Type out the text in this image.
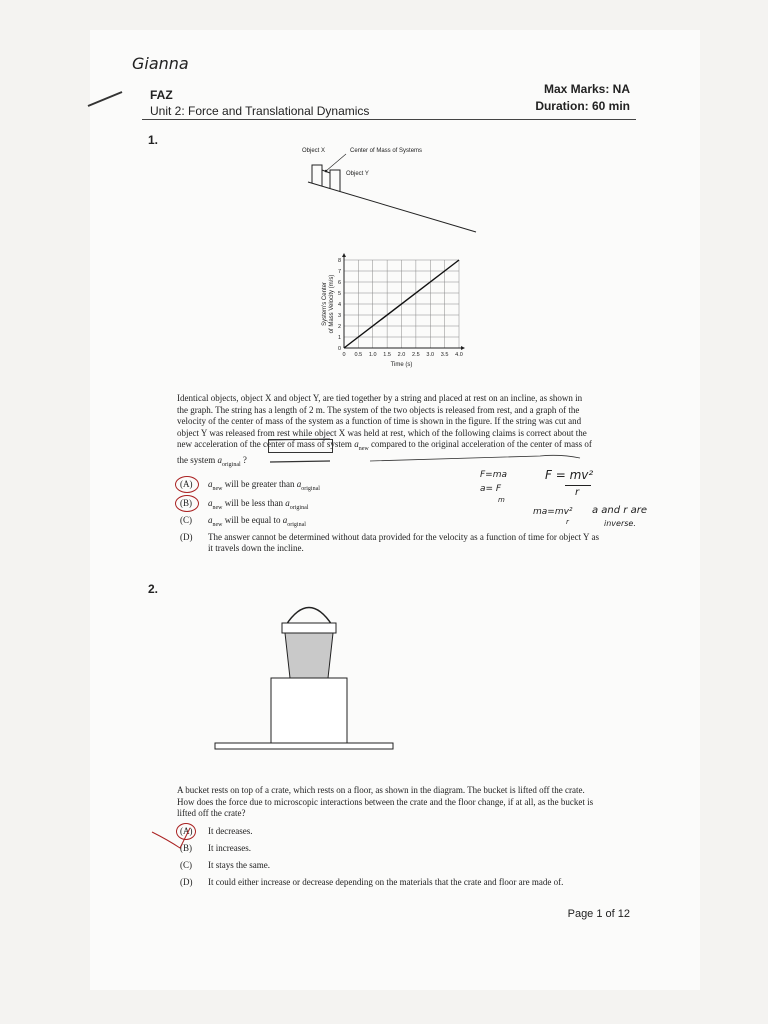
Gianna
FAZ
Unit 2: Force and Translational Dynamics
Max Marks: NA
Duration: 60 min
1.
Object X	Center of Mass of Systems
Object Y
0 0.5 1.0 1.5 2.0 2.5 3.0 3.5 4.0
0
1
2
3
4
5
6
7
8
Time (s)
System's Center of Mass Velocity (m/s)
Identical objects, object X and object Y, are tied together by a string and placed at rest on an incline, as shown in
the graph. The string has a length of 2 m. The system of the two objects is released from rest, and a graph of the
velocity of the center of mass of the system as a function of time is shown in the figure. If the string was cut and
object Y was released from rest while object X was held at rest, which of the following claims is correct about the
new acceleration of the center of mass of system $a_{new}$ compared to the original acceleration of the center of mass of
the system $a_{original}$ ?
(A) $a_{new}$ will be greater than $a_{original}$
(B) $a_{new}$ will be less than $a_{original}$
(C) $a_{new}$ will be equal to $a_{original}$
(D) The answer cannot be determined without data provided for the velocity as a function of time for object Y as
it travels down the incline.
F=ma
a= F
m
F = mv²
r
ma=mv²
r
a and r are
inverse.
2.
A bucket rests on top of a crate, which rests on a floor, as shown in the diagram. The bucket is lifted off the crate.
How does the force due to microscopic interactions between the crate and the floor change, if at all, as the bucket is
lifted off the crate?
(A) It decreases.
(B) It increases.
(C) It stays the same.
(D) It could either increase or decrease depending on the materials that the crate and floor are made of.
Page 1 of 12
